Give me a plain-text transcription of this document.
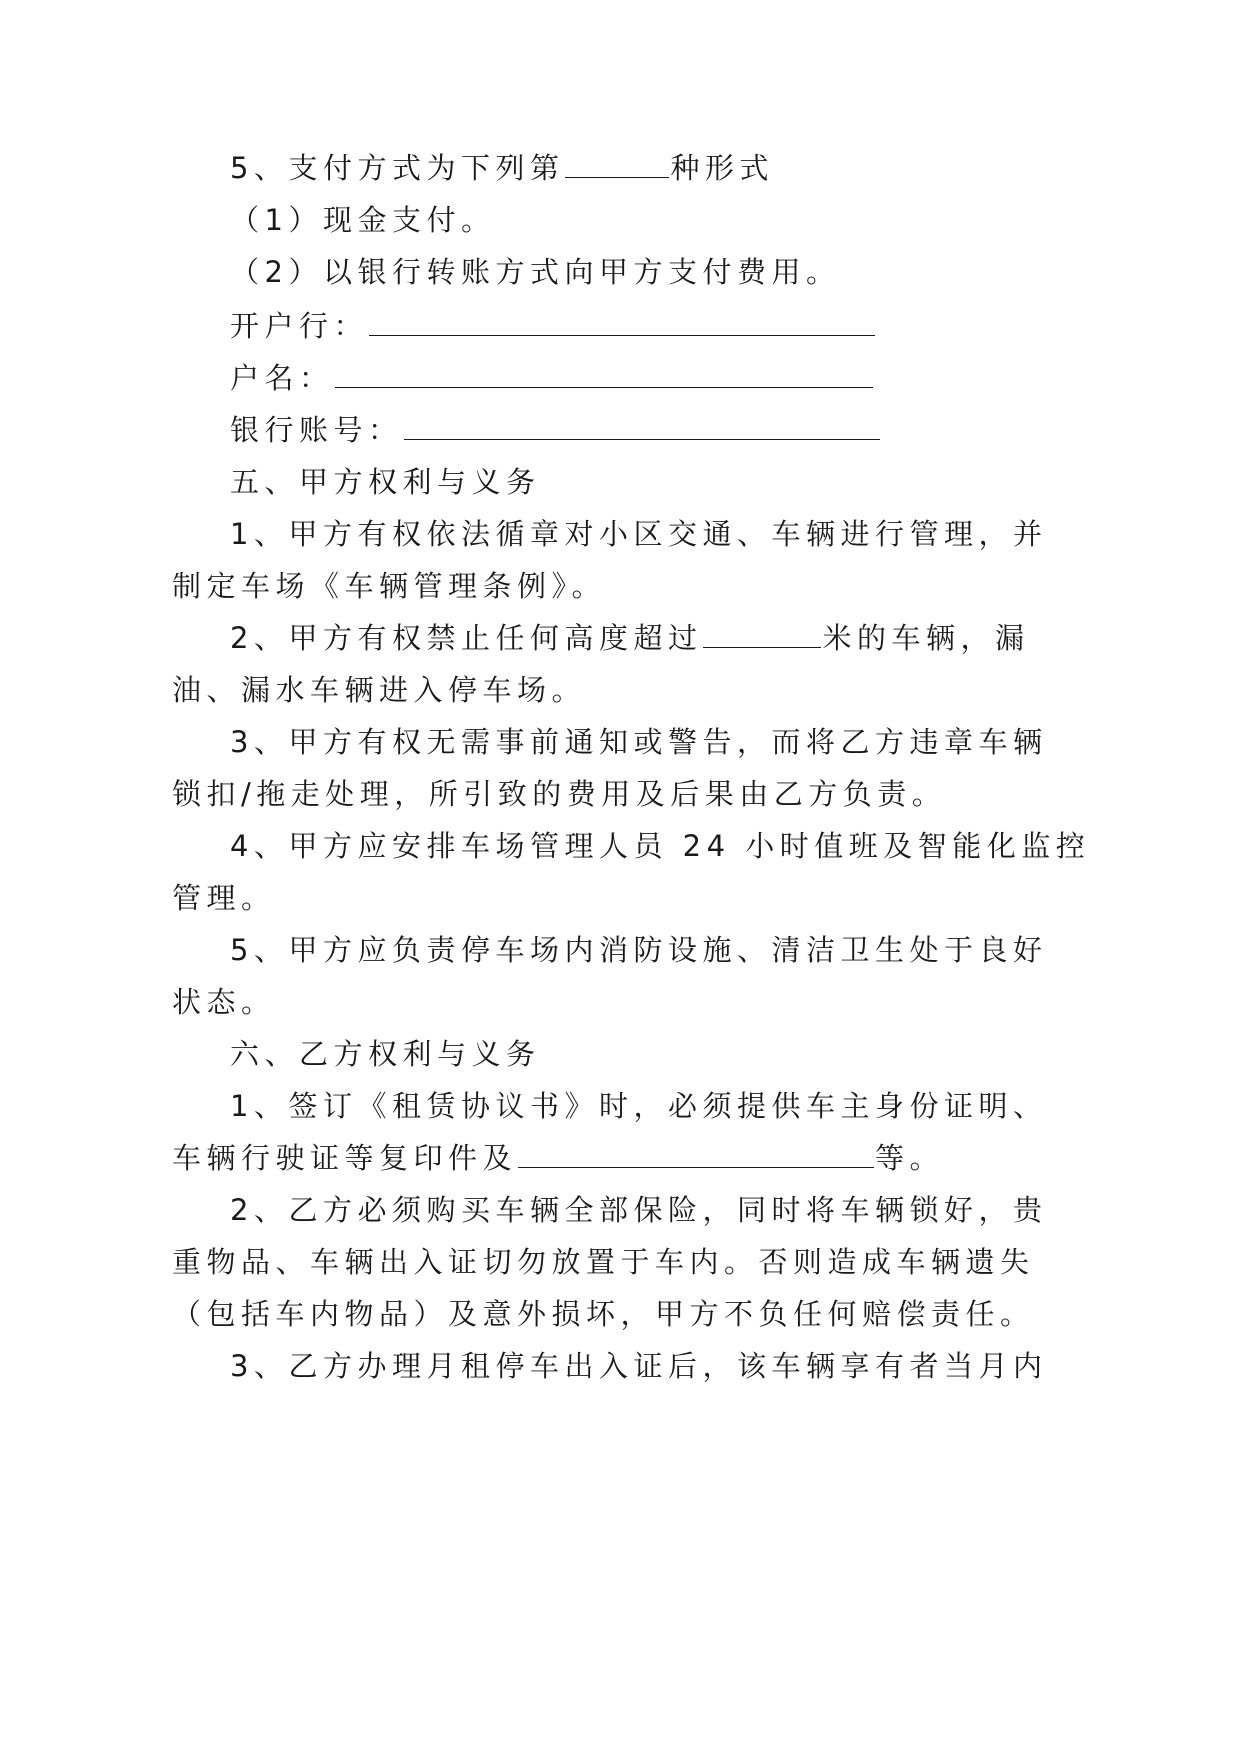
5、支付方式为下列第	种形式
（1）现金支付。
（2）以银行转账方式向甲方支付费用。
开户行：
户名：
银行账号：
五、甲方权利与义务
1、甲方有权依法循章对小区交通、车辆进行管理，并
制定车场《车辆管理条例》。
2、甲方有权禁止任何高度超过	米的车辆，漏
油、漏水车辆进入停车场。
3、甲方有权无需事前通知或警告，而将乙方违章车辆
锁扣/拖走处理，所引致的费用及后果由乙方负责。
4、甲方应安排车场管理人员 24 小时值班及智能化监控
管理。
5、甲方应负责停车场内消防设施、清洁卫生处于良好
状态。
六、乙方权利与义务
1、签订《租赁协议书》时，必须提供车主身份证明、
车辆行驶证等复印件及	等。
2、乙方必须购买车辆全部保险，同时将车辆锁好，贵
重物品、车辆出入证切勿放置于车内。否则造成车辆遗失
（包括车内物品）及意外损坏，甲方不负任何赔偿责任。
3、乙方办理月租停车出入证后，该车辆享有者当月内
